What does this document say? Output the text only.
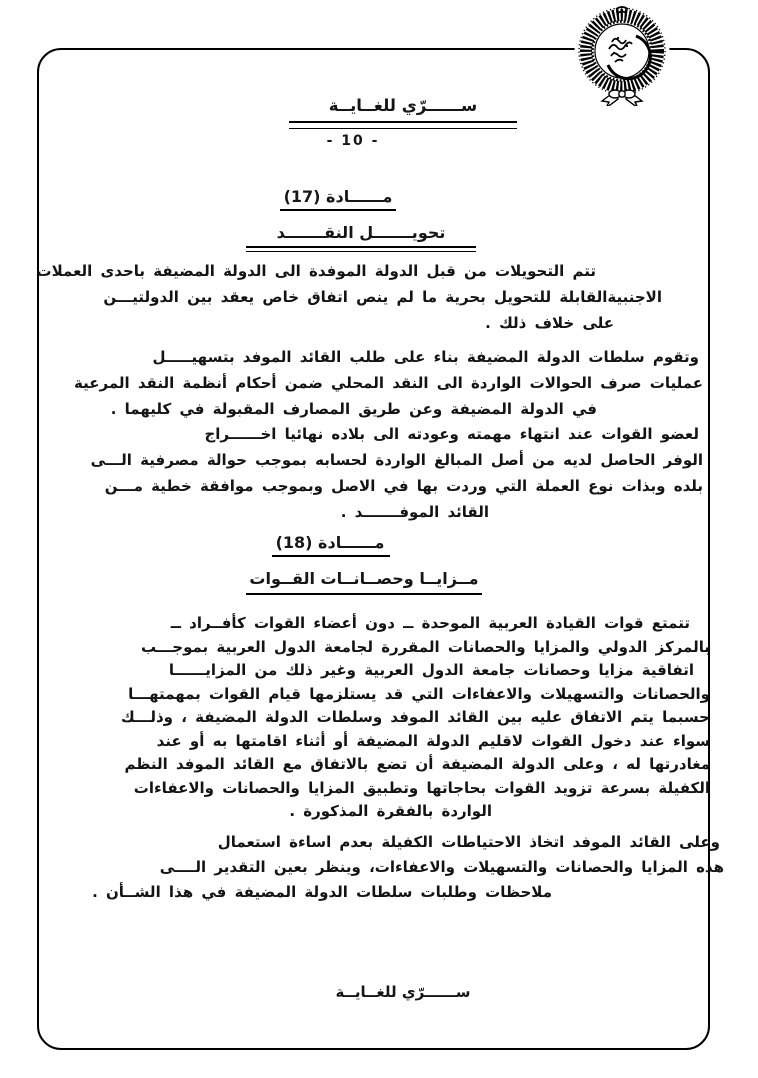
ســــــرّي للغــايــة
- 10 -
مــــــادة (17)
تحويـــــــل النقـــــــد
تتم التحويلات من قبل الدولة الموفدة الى الدولة المضيفة باحدى العملات
الاجنبيةالقابلة للتحويل بحرية ما لم ينص اتفاق خاص يعقد بين الدولتيـــن
على خلاف ذلك .
وتقوم سلطات الدولة المضيفة بناء على طلب القائد الموفد بتسهيـــــل
عمليات صرف الحوالات الواردة الى النقد المحلي ضمن أحكام أنظمة النقد المرعية
في الدولة المضيفة وعن طريق المصارف المقبولة في كليهما .
لعضو القوات عند انتهاء مهمته وعودته الى بلاده نهائيا اخــــــراج
الوفر الحاصل لديه من أصل المبالغ الواردة لحسابه بموجب حوالة مصرفية الـــى
بلده وبذات نوع العملة التي وردت بها في الاصل وبموجب موافقة خطية مـــن
القائد الموفـــــــد .
مــــــادة (18)
مــزايــا وحصــانــات القــوات
تتمتع قوات القيادة العربية الموحدة ــ دون أعضاء القوات كأفــراد ــ
بالمركز الدولي والمزايا والحصانات المقررة لجامعة الدول العربية بموجـــب
اتفاقية مزايا وحصانات جامعة الدول العربية وغير ذلك من المزايــــــا
والحصانات والتسهيلات والاعفاءات التي قد يستلزمها قيام القوات بمهمتهـــا
حسبما يتم الاتفاق عليه بين القائد الموفد وسلطات الدولة المضيفة ، وذلـــك
سواء عند دخول القوات لاقليم الدولة المضيفة أو أثناء اقامتها به أو عند
مغادرتها له ، وعلى الدولة المضيفة أن تضع بالاتفاق مع القائد الموفد النظم
الكفيلة بسرعة تزويد القوات بحاجاتها وتطبيق المزايا والحصانات والاعفاءات
الواردة بالفقرة المذكورة .
وعلى القائد الموفد اتخاذ الاحتياطات الكفيلة بعدم اساءة استعمال
هذه المزايا والحصانات والتسهيلات والاعفاءات، وينظر بعين التقدير الــــى
ملاحظات وطلبات سلطات الدولة المضيفة في هذا الشــأن .
ســــــرّي للغــايــة
